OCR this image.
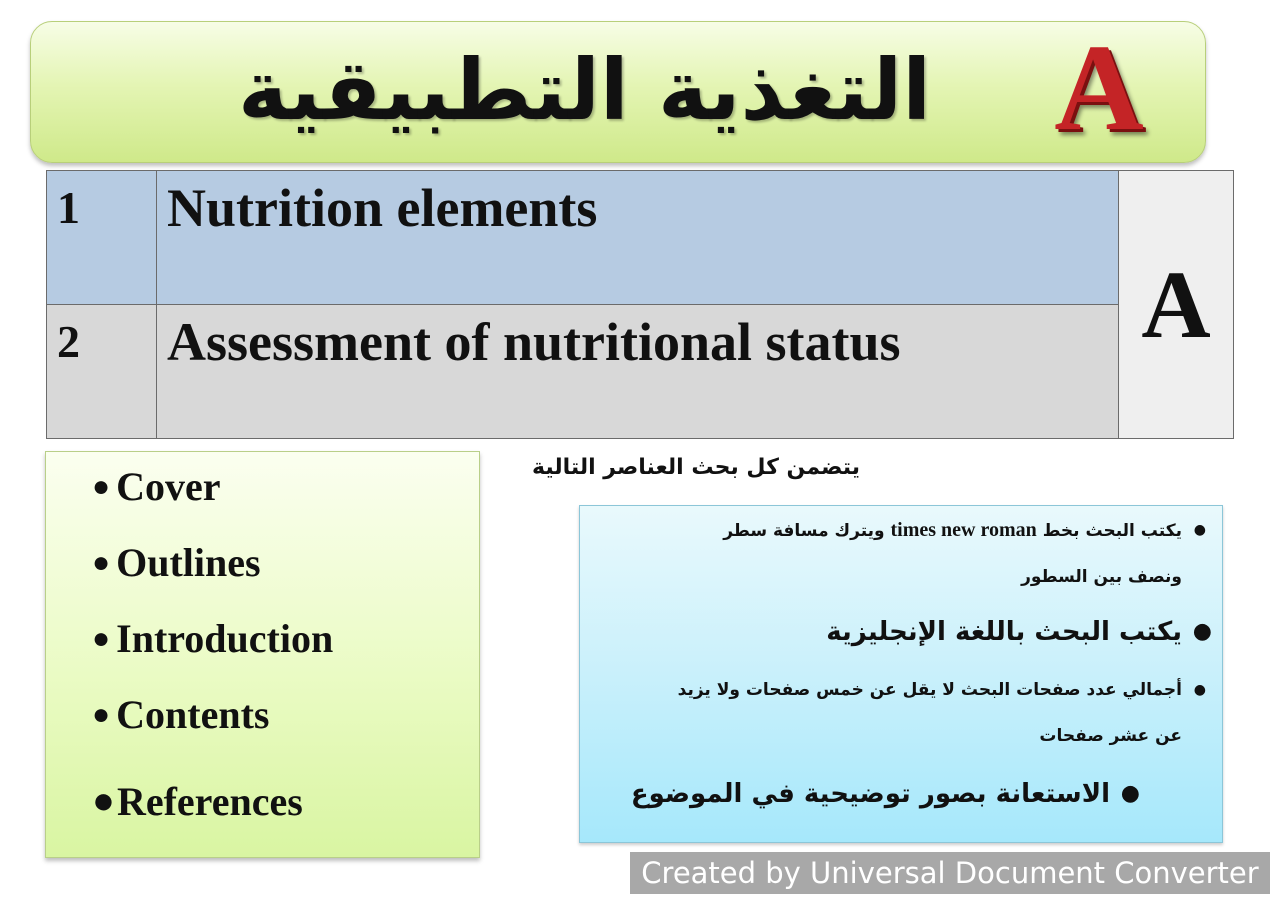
التغذية التطبيقية A
1	Nutrition elements	A

2	Assessment of nutritional status	
● Cover
● Outlines
● Introduction
● Contents
●References
يتضمن كل بحث العناصر التالية
●
يكتب البحث بخط times new roman ويترك مسافة سطر
ونصف بين السطور
●
يكتب البحث باللغة الإنجليزية
●
أجمالي عدد صفحات البحث لا يقل عن خمس صفحات ولا يزيد
عن عشر صفحات
●
الاستعانة بصور توضيحية في الموضوع
Created by Universal Document Converter
